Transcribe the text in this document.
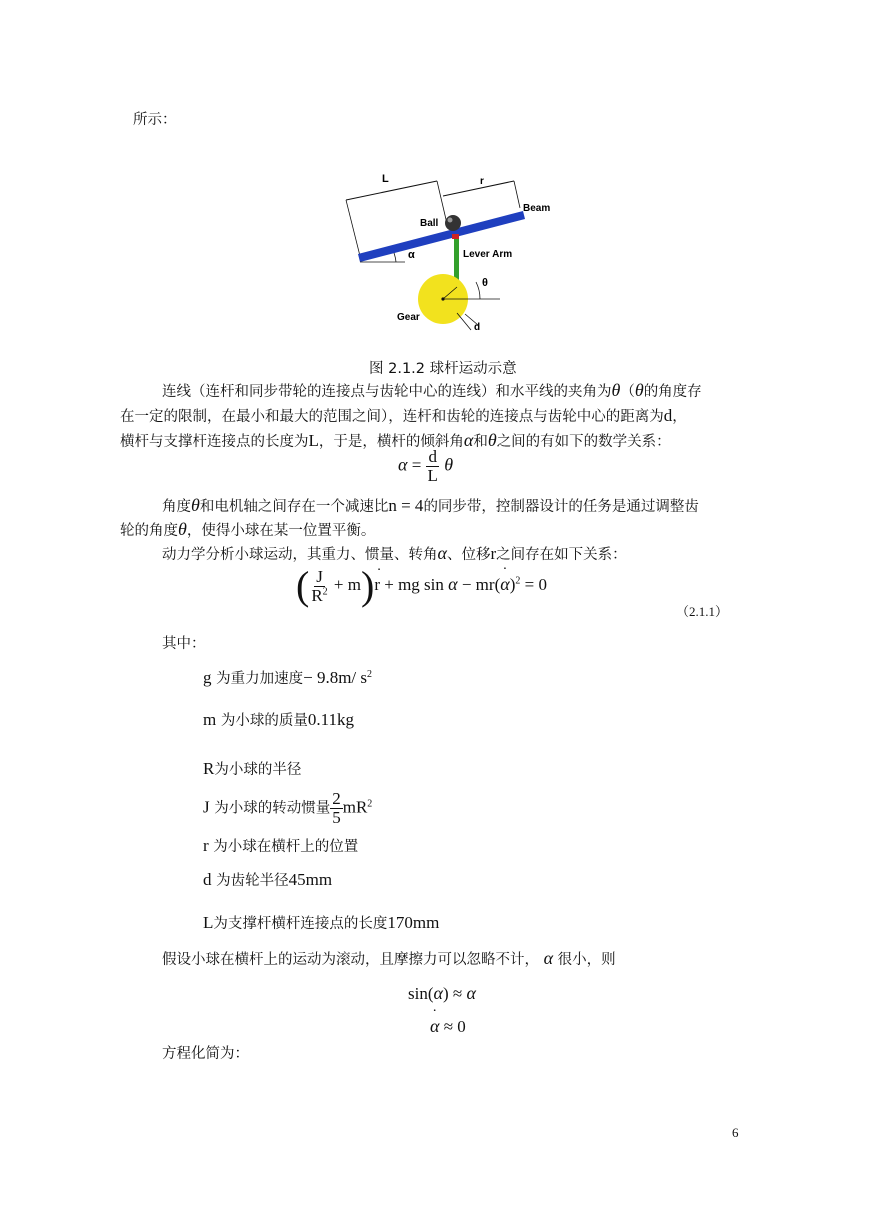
所示：
L	r
Beam
Ball
Lever Arm
α
θ
Gear
d
图 2.1.2 球杆运动示意
连线（连杆和同步带轮的连接点与齿轮中心的连线）和水平线的夹角为θ（θ的角度存
在一定的限制，在最小和最大的范围之间），连杆和齿轮的连接点与齿轮中心的距离为d，
横杆与支撑杆连接点的长度为L，于是，横杆的倾斜角α和θ之间的有如下的数学关系：
$\alpha = \frac{d}{L}$ θ
角度θ和电机轴之间存在一个减速比n = 4的同步带，控制器设计的任务是通过调整齿
轮的角度θ，使得小球在某一位置平衡。
动力学分析小球运动，其重力、惯量、转角α、位移r之间存在如下关系：
( $\frac{J}{R^2}$ + m)˙ r + mg sin α − mr(˙ α)$^2$ = 0
（2.1.1）
其中：
g 为重力加速度− 9.8m/ $s^2$
m 为小球的质量0.11kg
R为小球的半径
J 为小球的转动惯量 $\frac{2}{5} mR^2$
r 为小球在横杆上的位置
d 为齿轮半径45mm
L为支撑杆横杆连接点的长度170mm
假设小球在横杆上的运动为滚动，且摩擦力可以忽略不计， α 很小，则
sin(α) ≈ α
˙ α ≈ 0
方程化简为：
6
